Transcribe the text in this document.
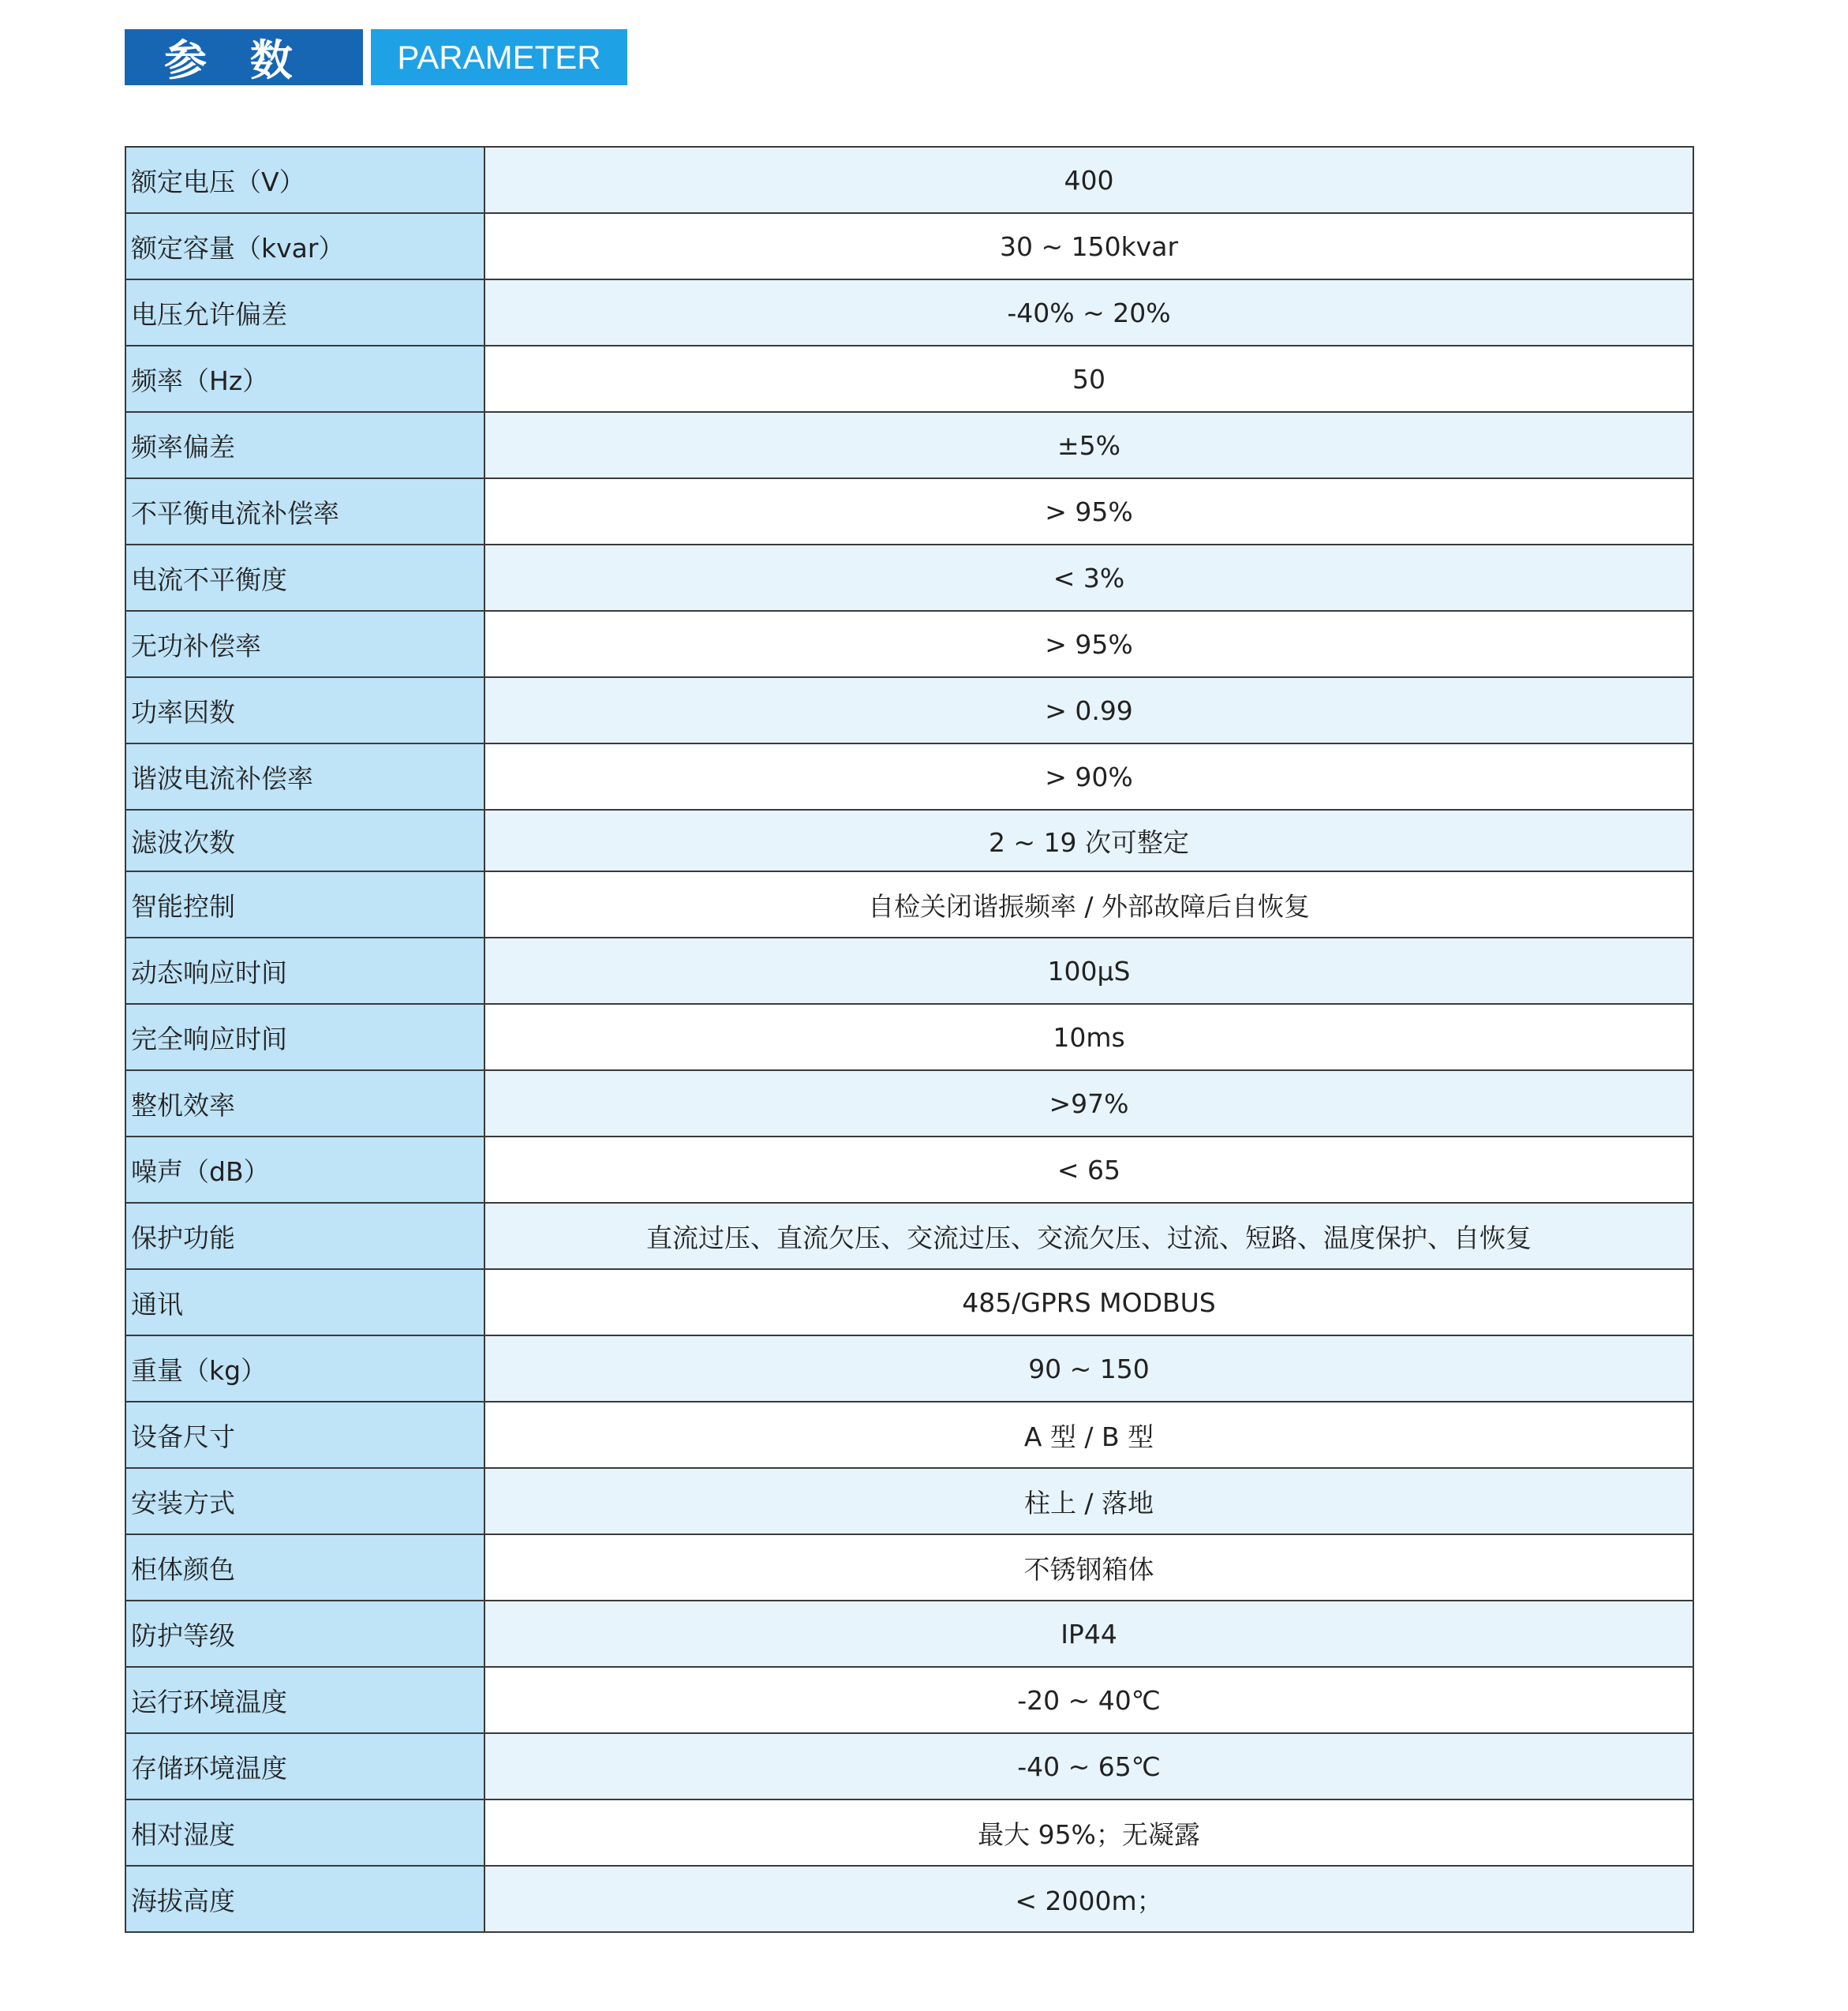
参 数	PARAMETER
额定电压（V）	400
额定容量（kvar）	30 ~ 150kvar
电压允许偏差	-40% ~ 20%
频率（Hz）	50
频率偏差	±5%
不平衡电流补偿率	> 95%
电流不平衡度	< 3%
无功补偿率	> 95%
功率因数	> 0.99
谐波电流补偿率	> 90%
滤波次数	2 ~ 19 次可整定
智能控制	自检关闭谐振频率 / 外部故障后自恢复
动态响应时间	100μS
完全响应时间	10ms
整机效率	>97%
噪声（dB）	< 65
保护功能	直流过压、直流欠压、交流过压、交流欠压、过流、短路、温度保护、自恢复
通讯	485/GPRS MODBUS
重量（kg）	90 ~ 150
设备尺寸	A 型 / B 型
安装方式	柱上 / 落地
柜体颜色	不锈钢箱体
防护等级	IP44
运行环境温度	-20 ~ 40℃
存储环境温度	-40 ~ 65℃
相对湿度	最大 95%；无凝露
海拔高度	< 2000m；
